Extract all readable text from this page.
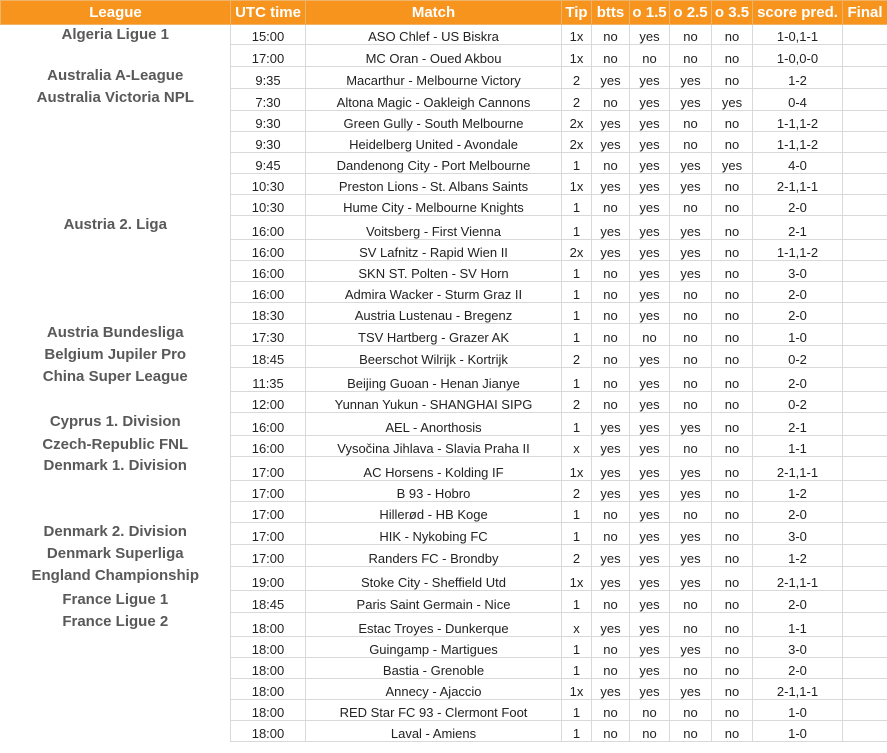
League	UTC time	Match	Tip	btts	o 1.5	o 2.5	o 3.5	score pred.	Final
Algeria Ligue 1	15:00	ASO Chlef - US Biskra	1x	no	yes	no	no	1-0,1-1	
	17:00	MC Oran - Oued Akbou	1x	no	no	no	no	1-0,0-0	
Australia A-League	9:35	Macarthur - Melbourne Victory	2	yes	yes	yes	no	1-2	
Australia Victoria NPL	7:30	Altona Magic - Oakleigh Cannons	2	no	yes	yes	yes	0-4	
	9:30	Green Gully - South Melbourne	2x	yes	yes	no	no	1-1,1-2	
	9:30	Heidelberg United - Avondale	2x	yes	yes	no	no	1-1,1-2	
	9:45	Dandenong City - Port Melbourne	1	no	yes	yes	yes	4-0	
	10:30	Preston Lions - St. Albans Saints	1x	yes	yes	yes	no	2-1,1-1	
	10:30	Hume City - Melbourne Knights	1	no	yes	no	no	2-0	
Austria 2. Liga	16:00	Voitsberg - First Vienna	1	yes	yes	yes	no	2-1	
	16:00	SV Lafnitz - Rapid Wien II	2x	yes	yes	yes	no	1-1,1-2	
	16:00	SKN ST. Polten - SV Horn	1	no	yes	yes	no	3-0	
	16:00	Admira Wacker - Sturm Graz II	1	no	yes	no	no	2-0	
	18:30	Austria Lustenau - Bregenz	1	no	yes	no	no	2-0	
Austria Bundesliga	17:30	TSV Hartberg - Grazer AK	1	no	no	no	no	1-0	
Belgium Jupiler Pro	18:45	Beerschot Wilrijk - Kortrijk	2	no	yes	no	no	0-2	
China Super League	11:35	Beijing Guoan - Henan Jianye	1	no	yes	no	no	2-0	
	12:00	Yunnan Yukun - SHANGHAI SIPG	2	no	yes	no	no	0-2	
Cyprus 1. Division	16:00	AEL - Anorthosis	1	yes	yes	yes	no	2-1	
Czech-Republic FNL	16:00	Vysočina Jihlava - Slavia Praha II	x	yes	yes	no	no	1-1	
Denmark 1. Division	17:00	AC Horsens - Kolding IF	1x	yes	yes	yes	no	2-1,1-1	
	17:00	B 93 - Hobro	2	yes	yes	yes	no	1-2	
	17:00	Hillerød - HB Koge	1	no	yes	no	no	2-0	
Denmark 2. Division	17:00	HIK - Nykobing FC	1	no	yes	yes	no	3-0	
Denmark Superliga	17:00	Randers FC - Brondby	2	yes	yes	yes	no	1-2	
England Championship	19:00	Stoke City - Sheffield Utd	1x	yes	yes	yes	no	2-1,1-1	
France Ligue 1	18:45	Paris Saint Germain - Nice	1	no	yes	no	no	2-0	
France Ligue 2	18:00	Estac Troyes - Dunkerque	x	yes	yes	no	no	1-1	
	18:00	Guingamp - Martigues	1	no	yes	yes	no	3-0	
	18:00	Bastia - Grenoble	1	no	yes	no	no	2-0	
	18:00	Annecy - Ajaccio	1x	yes	yes	yes	no	2-1,1-1	
	18:00	RED Star FC 93 - Clermont Foot	1	no	no	no	no	1-0	
	18:00	Laval - Amiens	1	no	no	no	no	1-0	
